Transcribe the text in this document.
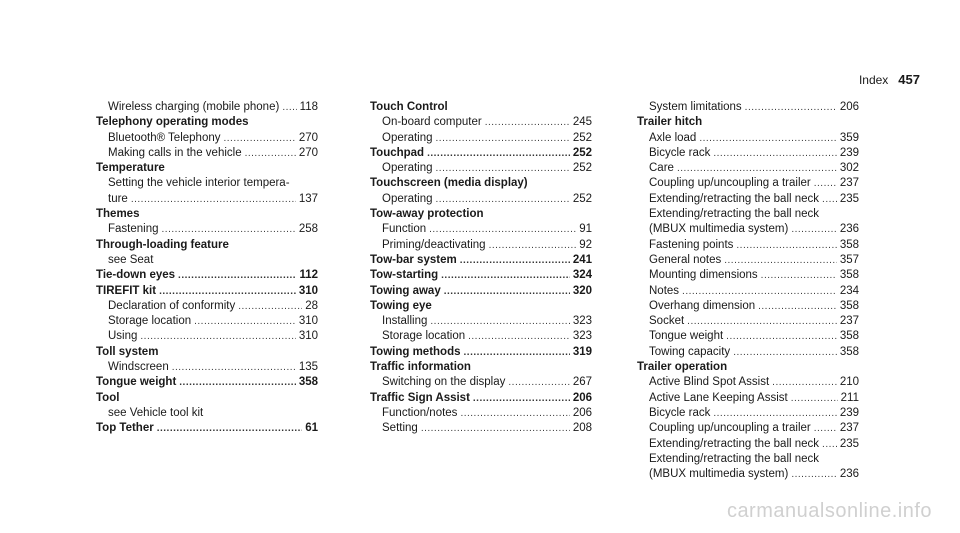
Index 457
Wireless charging (mobile phone) ..... 118
Telephony operating modes
Bluetooth® Telephony .....	270
Making calls in the vehicle .....	270
Temperature
Setting the vehicle interior tempera-
ture .....	137
Themes
Fastening .....	258
Through-loading feature
see Seat
Tie-down eyes .....	112
TIREFIT kit .....	310
Declaration of conformity .....	28
Storage location .....	310
Using .....	310
Toll system
Windscreen .....	135
Tongue weight .....	358
Tool
see Vehicle tool kit
Top Tether .....	61
Touch Control
On-board computer .....	245
Operating .....	252
Touchpad .....	252
Operating .....	252
Touchscreen (media display)
Operating .....	252
Tow-away protection
Function .....	91
Priming/deactivating .....	92
Tow-bar system .....	241
Tow-starting .....	324
Towing away .....	320
Towing eye
Installing .....	323
Storage location .....	323
Towing methods .....	319
Traffic information
Switching on the display .....	267
Traffic Sign Assist .....	206
Function/notes .....	206
Setting .....	208
System limitations .....	206
Trailer hitch
Axle load .....	359
Bicycle rack .....	239
Care .....	302
Coupling up/uncoupling a trailer .....	237
Extending/retracting the ball neck ..... 235
Extending/retracting the ball neck
(MBUX multimedia system) .....	236
Fastening points .....	358
General notes .....	357
Mounting dimensions .....	358
Notes .....	234
Overhang dimension .....	358
Socket .....	237
Tongue weight .....	358
Towing capacity .....	358
Trailer operation
Active Blind Spot Assist .....	210
Active Lane Keeping Assist .....	211
Bicycle rack .....	239
Coupling up/uncoupling a trailer .....	237
Extending/retracting the ball neck ..... 235
Extending/retracting the ball neck
(MBUX multimedia system) .....	236
carmanualsonline.info
